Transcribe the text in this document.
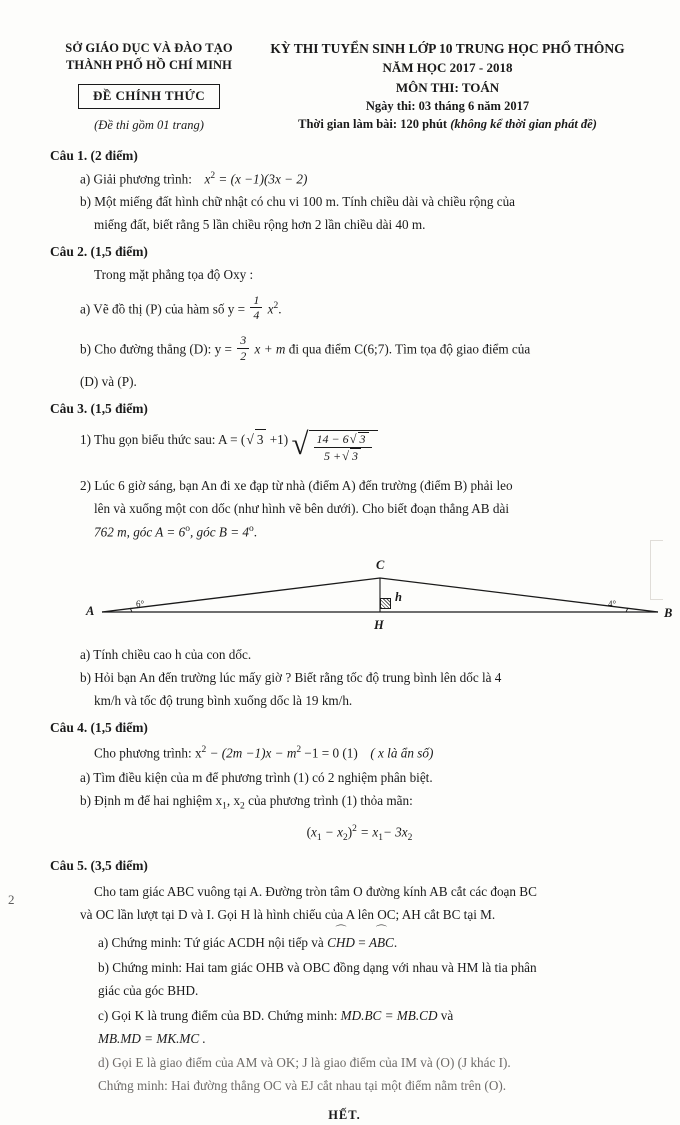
SỞ GIÁO DỤC VÀ ĐÀO TẠO
THÀNH PHỐ HỒ CHÍ MINH
ĐỀ CHÍNH THỨC
(Đề thi gồm 01 trang)
KỲ THI TUYỂN SINH LỚP 10 TRUNG HỌC PHỔ THÔNG
NĂM HỌC 2017 - 2018
MÔN THI: TOÁN
Ngày thi: 03 tháng 6 năm 2017
Thời gian làm bài: 120 phút (không kể thời gian phát đề)
Câu 1. (2 điểm)
a) Giải phương trình: $x^2 = (x -1)(3x - 2)$
b) Một miếng đất hình chữ nhật có chu vi 100 m. Tính chiều dài và chiều rộng của
miếng đất, biết rằng 5 lần chiều rộng hơn 2 lần chiều dài 40 m.
Câu 2. (1,5 điểm)
Trong mặt phẳng tọa độ Oxy :
a) Vẽ đồ thị (P) của hàm số $y = \frac{1}{4} x^2$.
b) Cho đường thẳng (D): $y = \frac{3}{2}$ x + m đi qua điểm C(6;7). Tìm tọa độ giao điểm của
(D) và (P).
Câu 3. (1,5 điểm)
1) Thu gọn biểu thức sau: A = (√ 3 +1) √ $\frac{14 - 6√ 3}{5 +√ 3}$
2) Lúc 6 giờ sáng, bạn An đi xe đạp từ nhà (điểm A) đến trường (điểm B) phải leo
lên và xuống một con dốc (như hình vẽ bên dưới). Cho biết đoạn thẳng AB dài
762 m, góc $A = 6^o$, góc $B = 4^o$.
A	B
C
H
h
6°	4°
a) Tính chiều cao h của con dốc.
b) Hỏi bạn An đến trường lúc mấy giờ ? Biết rằng tốc độ trung bình lên dốc là 4
km/h và tốc độ trung bình xuống dốc là 19 km/h.
Câu 4. (1,5 điểm)
Cho phương trình: $x^2 - (2m -1)x - m^2 -1 = 0$ (1) ( x là ẩn số)
a) Tìm điều kiện của m để phương trình (1) có 2 nghiệm phân biệt.
b) Định m để hai nghiệm $x_1$, $x_2$ của phương trình (1) thỏa mãn:
$(x_1 - x_2)^2 = x_1- 3x_2$
Câu 5. (3,5 điểm)
Cho tam giác ABC vuông tại A. Đường tròn tâm O đường kính AB cắt các đoạn BC
và OC lần lượt tại D và I. Gọi H là hình chiếu của A lên OC; AH cắt BC tại M.
a) Chứng minh: Tứ giác ACDH nội tiếp và
⌒
CHD =
⌒
ABC.
b) Chứng minh: Hai tam giác OHB và OBC đồng dạng với nhau và HM là tia phân
giác của góc BHD.
c) Gọi K là trung điểm của BD. Chứng minh: MD.BC = MB.CD và
MB.MD = MK.MC .
d) Gọi E là giao điểm của AM và OK; J là giao điểm của IM và (O) (J khác I).
Chứng minh: Hai đường thẳng OC và EJ cắt nhau tại một điểm nằm trên (O).
HẾT.
2
